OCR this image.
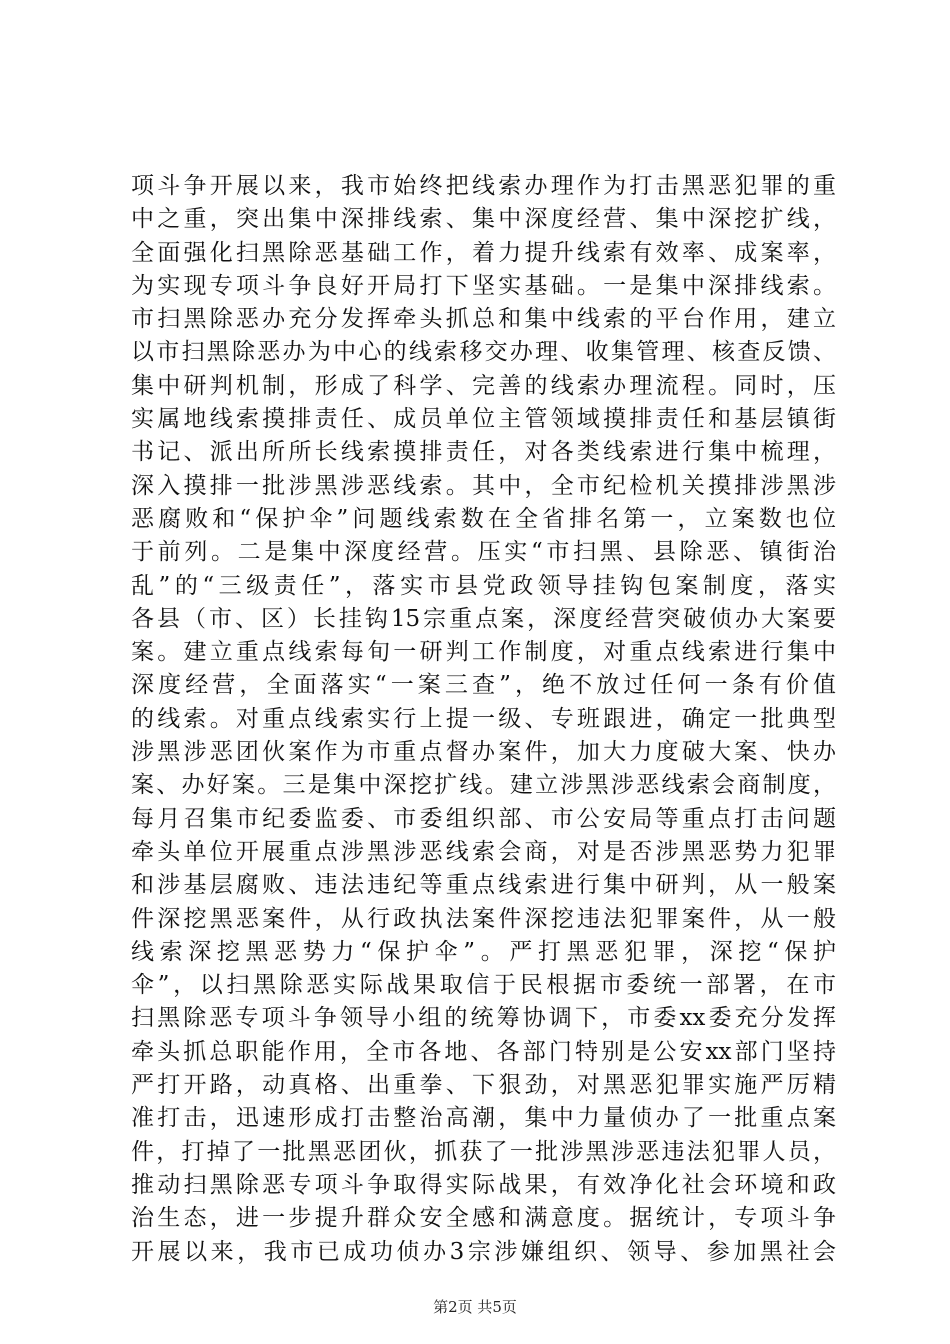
项斗争开展以来，我市始终把线索办理作为打击黑恶犯罪的重
中之重，突出集中深排线索、集中深度经营、集中深挖扩线，
全面强化扫黑除恶基础工作，着力提升线索有效率、成案率，
为实现专项斗争良好开局打下坚实基础。一是集中深排线索。
市扫黑除恶办充分发挥牵头抓总和集中线索的平台作用，建立
以市扫黑除恶办为中心的线索移交办理、收集管理、核查反馈、
集中研判机制，形成了科学、完善的线索办理流程。同时，压
实属地线索摸排责任、成员单位主管领域摸排责任和基层镇街
书记、派出所所长线索摸排责任，对各类线索进行集中梳理，
深入摸排一批涉黑涉恶线索。其中，全市纪检机关摸排涉黑涉
恶腐败和“保护伞”问题线索数在全省排名第一，立案数也位
于前列。二是集中深度经营。压实“市扫黑、县除恶、镇街治
乱”的“三级责任”，落实市县党政领导挂钩包案制度，落实
各县（市、区）长挂钩15宗重点案，深度经营突破侦办大案要
案。建立重点线索每旬一研判工作制度，对重点线索进行集中
深度经营，全面落实“一案三查”，绝不放过任何一条有价值
的线索。对重点线索实行上提一级、专班跟进，确定一批典型
涉黑涉恶团伙案作为市重点督办案件，加大力度破大案、快办
案、办好案。三是集中深挖扩线。建立涉黑涉恶线索会商制度，
每月召集市纪委监委、市委组织部、市公安局等重点打击问题
牵头单位开展重点涉黑涉恶线索会商，对是否涉黑恶势力犯罪
和涉基层腐败、违法违纪等重点线索进行集中研判，从一般案
件深挖黑恶案件，从行政执法案件深挖违法犯罪案件，从一般
线索深挖黑恶势力“保护伞”。严打黑恶犯罪，深挖“保护
伞”，以扫黑除恶实际战果取信于民根据市委统一部署，在市
扫黑除恶专项斗争领导小组的统筹协调下，市委xx委充分发挥
牵头抓总职能作用，全市各地、各部门特别是公安xx部门坚持
严打开路，动真格、出重拳、下狠劲，对黑恶犯罪实施严厉精
准打击，迅速形成打击整治高潮，集中力量侦办了一批重点案
件，打掉了一批黑恶团伙，抓获了一批涉黑涉恶违法犯罪人员，
推动扫黑除恶专项斗争取得实际战果，有效净化社会环境和政
治生态，进一步提升群众安全感和满意度。据统计，专项斗争
开展以来，我市已成功侦办3宗涉嫌组织、领导、参加黑社会
第2页 共5页
